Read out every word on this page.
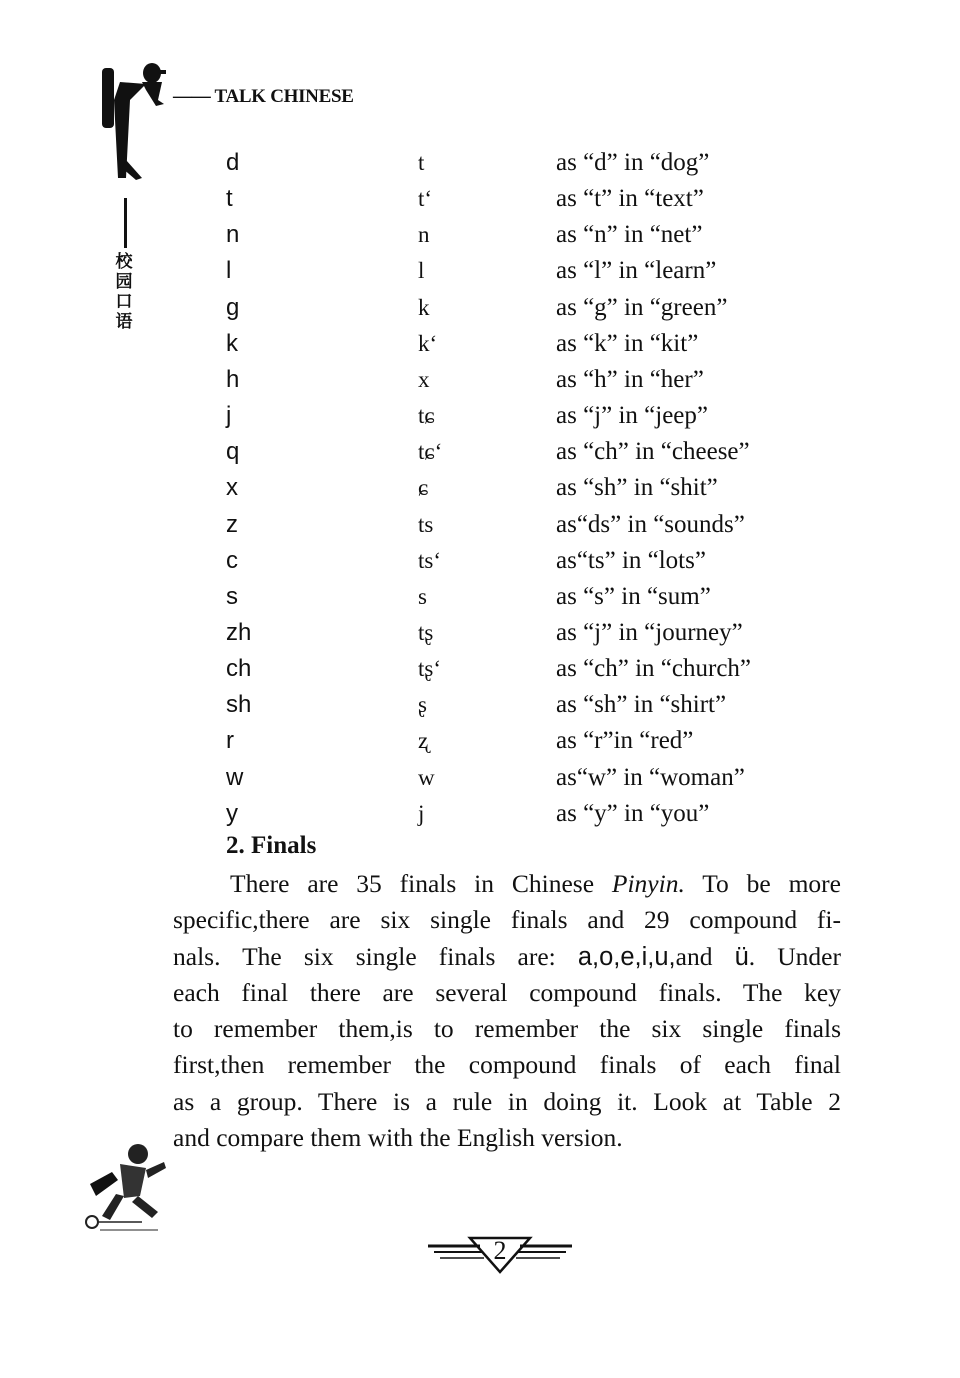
—— TALK CHINESE
校园口语
d	t	as “d” in “dog”
t	t‘	as “t” in “text”
n	n	as “n” in “net”
l	l	as “l” in “learn”
g	k	as “g” in “green”
k	k‘	as “k” in “kit”
h	x	as “h” in “her”
j	tɕ	as “j” in “jeep”
q	tɕ‘	as “ch” in “cheese”
x	ɕ	as “sh” in “shit”
z	ts	as“ds” in “sounds”
c	ts‘	as“ts” in “lots”
s	s	as “s” in “sum”
zh	tʂ	as “j” in “journey”
ch	tʂ‘	as “ch” in “church”
sh	ʂ	as “sh” in “shirt”
r	ʐ	as “r”in “red”
w	w	as“w” in “woman”
y	j	as “y” in “you”
2. Finals
There are 35 finals in Chinese Pinyin. To be more
specific,there are six single finals and 29 compound fi-
nals. The six single finals are: a,o,e,i,u,and ü. Under
each final there are several compound finals. The key
to remember them,is to remember the six single finals
first,then remember the compound finals of each final
as a group. There is a rule in doing it. Look at Table 2
and compare them with the English version.
2
